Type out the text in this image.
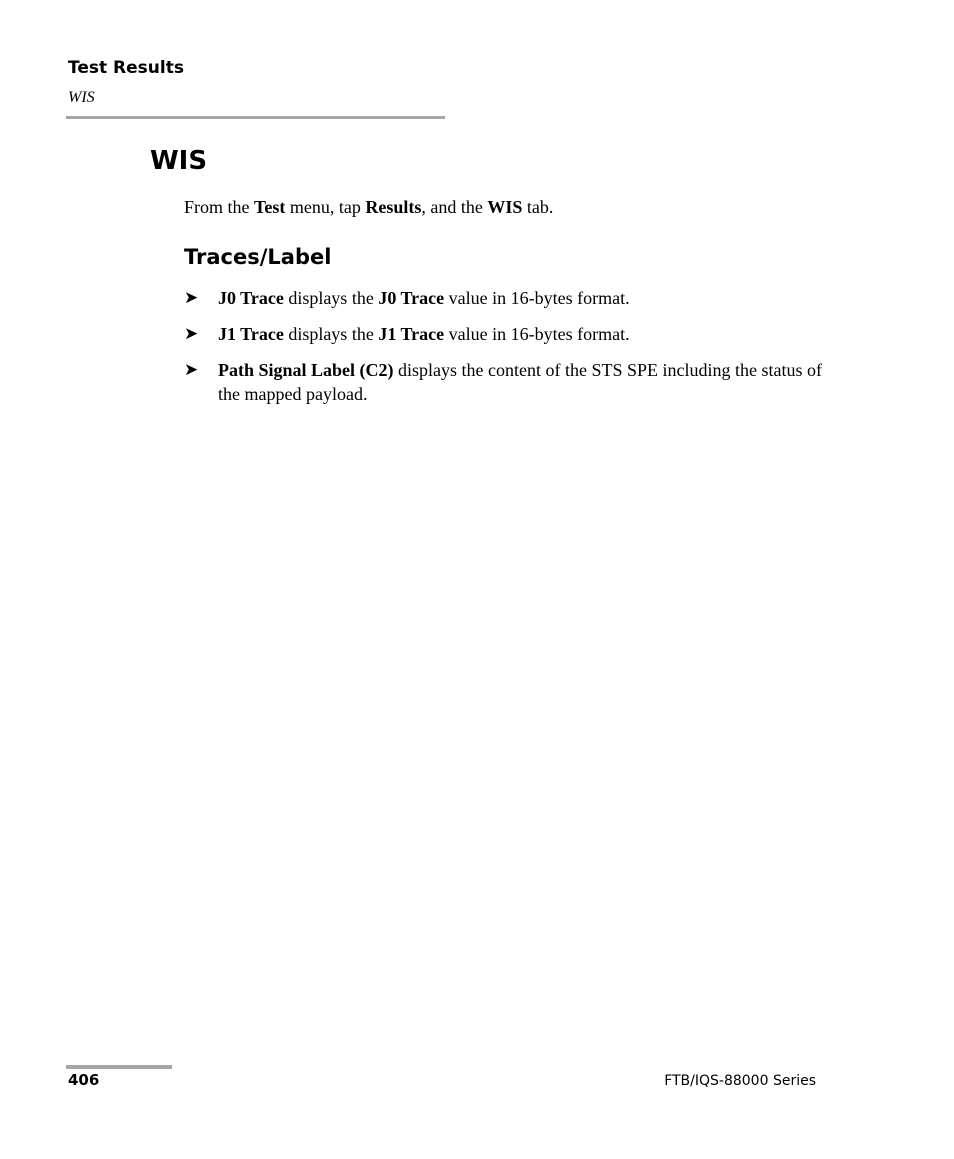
Test Results
WIS
WIS

From the Test menu, tap Results, and the WIS tab.

Traces/Label
➤ J0 Trace displays the J0 Trace value in 16-bytes format.
➤ J1 Trace displays the J1 Trace value in 16-bytes format.
➤ Path Signal Label (C2) displays the content of the STS SPE including the status of the mapped payload.
406	FTB/IQS-88000 Series
